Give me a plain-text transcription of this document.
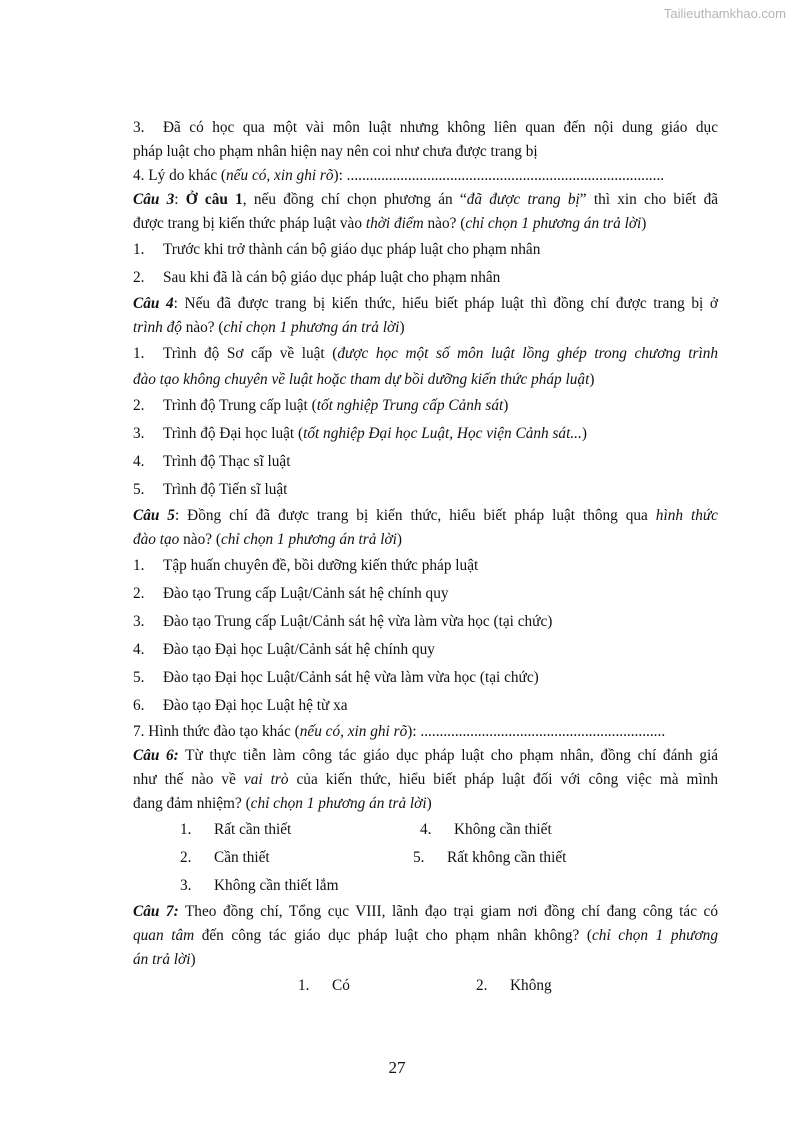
Tailieuthamkhao.com
3. Đã có học qua một vài môn luật nhưng không liên quan đến nội dung giáo dục
pháp luật cho phạm nhân hiện nay nên coi như chưa được trang bị
4. Lý do khác (nếu có, xin ghi rõ): ...................................................................................
Câu 3: Ở câu 1, nếu đồng chí chọn phương án “đã được trang bị” thì xin cho biết đã
được trang bị kiến thức pháp luật vào thời điểm nào? (chỉ chọn 1 phương án trả lời)
1. Trước khi trở thành cán bộ giáo dục pháp luật cho phạm nhân
2. Sau khi đã là cán bộ giáo dục pháp luật cho phạm nhân
Câu 4: Nếu đã được trang bị kiến thức, hiểu biết pháp luật thì đồng chí được trang bị ở
trình độ nào? (chỉ chọn 1 phương án trả lời)
1. Trình độ Sơ cấp về luật (được học một số môn luật lồng ghép trong chương trình
đào tạo không chuyên về luật hoặc tham dự bồi dưỡng kiến thức pháp luật)
2. Trình độ Trung cấp luật (tốt nghiệp Trung cấp Cảnh sát)
3. Trình độ Đại học luật (tốt nghiệp Đại học Luật, Học viện Cảnh sát...)
4. Trình độ Thạc sĩ luật
5. Trình độ Tiến sĩ luật
Câu 5: Đồng chí đã được trang bị kiến thức, hiểu biết pháp luật thông qua hình thức
đào tạo nào? (chỉ chọn 1 phương án trả lời)
1. Tập huấn chuyên đề, bồi dưỡng kiến thức pháp luật
2. Đào tạo Trung cấp Luật/Cảnh sát hệ chính quy
3. Đào tạo Trung cấp Luật/Cảnh sát hệ vừa làm vừa học (tại chức)
4. Đào tạo Đại học Luật/Cảnh sát hệ chính quy
5. Đào tạo Đại học Luật/Cảnh sát hệ vừa làm vừa học (tại chức)
6. Đào tạo Đại học Luật hệ từ xa
7. Hình thức đào tạo khác (nếu có, xin ghi rõ): ................................................................
Câu 6: Từ thực tiễn làm công tác giáo dục pháp luật cho phạm nhân, đồng chí đánh giá
như thế nào về vai trò của kiến thức, hiểu biết pháp luật đối với công việc mà mình
đang đảm nhiệm? (chỉ chọn 1 phương án trả lời)
1. Rất cần thiết	4. Không cần thiết
2. Cần thiết	5. Rất không cần thiết
3. Không cần thiết lắm
Câu 7: Theo đồng chí, Tổng cục VIII, lãnh đạo trại giam nơi đồng chí đang công tác có
quan tâm đến công tác giáo dục pháp luật cho phạm nhân không? (chỉ chọn 1 phương
án trả lời)
1. Có	2. Không
27
